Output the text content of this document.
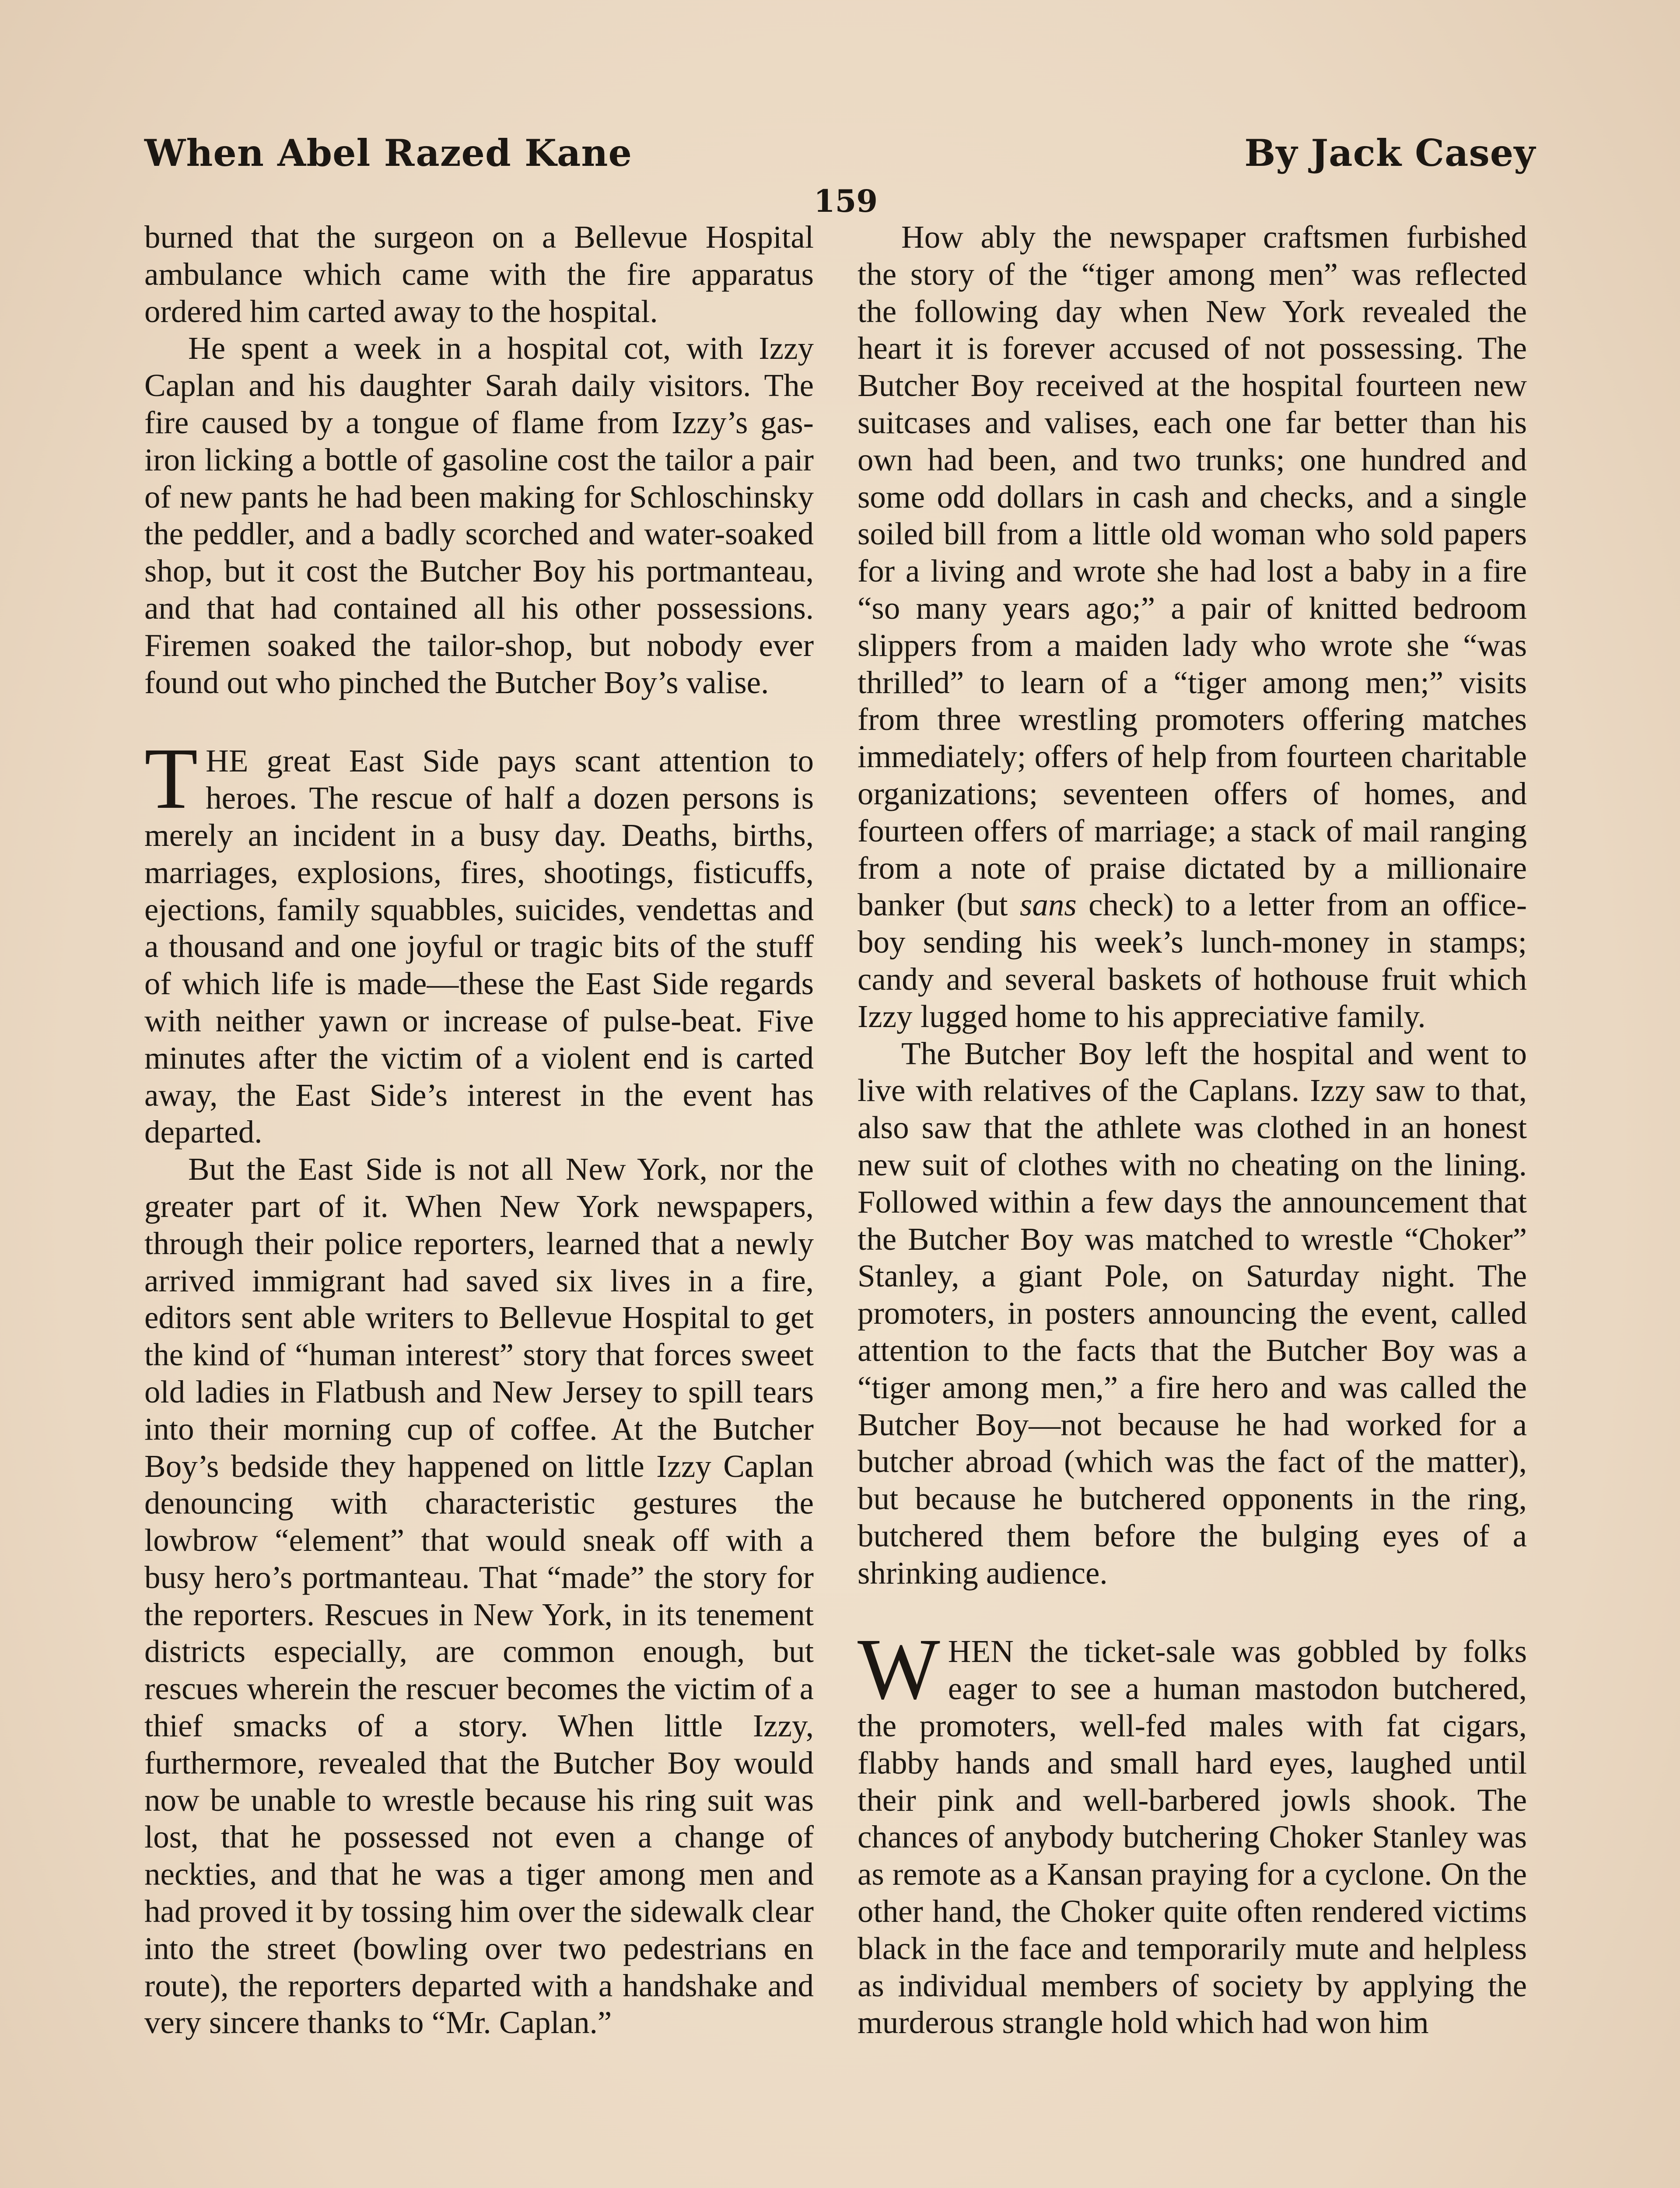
When Abel Razed Kane	By Jack Casey
159

burned that the surgeon on a Bellevue Hospital ambulance which came with the fire apparatus ordered him carted away to the hospital.

He spent a week in a hospital cot, with Izzy Caplan and his daughter Sarah daily visitors. The fire caused by a tongue of flame from Izzy’s gas-iron licking a bottle of gasoline cost the tailor a pair of new pants he had been making for Schloschinsky the peddler, and a badly scorched and water-soaked shop, but it cost the Butcher Boy his portmanteau, and that had contained all his other possessions. Firemen soaked the tailor-shop, but nobody ever found out who pinched the Butcher Boy’s valise.

THE great East Side pays scant attention to heroes. The rescue of half a dozen persons is merely an incident in a busy day. Deaths, births, marriages, explosions, fires, shootings, fisticuffs, ejections, family squabbles, suicides, vendettas and a thousand and one joyful or tragic bits of the stuff of which life is made—these the East Side regards with neither yawn or increase of pulse-beat. Five minutes after the victim of a violent end is carted away, the East Side’s interest in the event has departed.

But the East Side is not all New York, nor the greater part of it. When New York newspapers, through their police reporters, learned that a newly arrived immigrant had saved six lives in a fire, editors sent able writers to Bellevue Hospital to get the kind of “human interest” story that forces sweet old ladies in Flatbush and New Jersey to spill tears into their morning cup of coffee. At the Butcher Boy’s bedside they happened on little Izzy Caplan denouncing with characteristic gestures the lowbrow “element” that would sneak off with a busy hero’s portmanteau. That “made” the story for the reporters. Rescues in New York, in its tenement districts especially, are common enough, but rescues wherein the rescuer becomes the victim of a thief smacks of a story. When little Izzy, furthermore, revealed that the Butcher Boy would now be unable to wrestle because his ring suit was lost, that he possessed not even a change of neckties, and that he was a tiger among men and had proved it by tossing him over the sidewalk clear into the street (bowling over two pedestrians en route), the reporters departed with a handshake and very sincere thanks to “Mr. Caplan.”

How ably the newspaper craftsmen furbished the story of the “tiger among men” was reflected the following day when New York revealed the heart it is forever accused of not possessing. The Butcher Boy received at the hospital fourteen new suitcases and valises, each one far better than his own had been, and two trunks; one hundred and some odd dollars in cash and checks, and a single soiled bill from a little old woman who sold papers for a living and wrote she had lost a baby in a fire “so many years ago;” a pair of knitted bedroom slippers from a maiden lady who wrote she “was thrilled” to learn of a “tiger among men;” visits from three wrestling promoters offering matches immediately; offers of help from fourteen charitable organizations; seventeen offers of homes, and fourteen offers of marriage; a stack of mail ranging from a note of praise dictated by a millionaire banker (but sans check) to a letter from an officeboy sending his week’s lunch-money in stamps; candy and several baskets of hothouse fruit which Izzy lugged home to his appreciative family.

The Butcher Boy left the hospital and went to live with relatives of the Caplans. Izzy saw to that, also saw that the athlete was clothed in an honest new suit of clothes with no cheating on the lining. Followed within a few days the announcement that the Butcher Boy was matched to wrestle “Choker” Stanley, a giant Pole, on Saturday night. The promoters, in posters announcing the event, called attention to the facts that the Butcher Boy was a “tiger among men,” a fire hero and was called the Butcher Boy—not because he had worked for a butcher abroad (which was the fact of the matter), but because he butchered opponents in the ring, butchered them before the bulging eyes of a shrinking audience.

WHEN the ticket-sale was gobbled by folks eager to see a human mastodon butchered, the promoters, well-fed males with fat cigars, flabby hands and small hard eyes, laughed until their pink and well-barbered jowls shook. The chances of anybody butchering Choker Stanley was as remote as a Kansan praying for a cyclone. On the other hand, the Choker quite often rendered victims black in the face and temporarily mute and helpless as individual members of society by applying the murderous strangle hold which had won him
